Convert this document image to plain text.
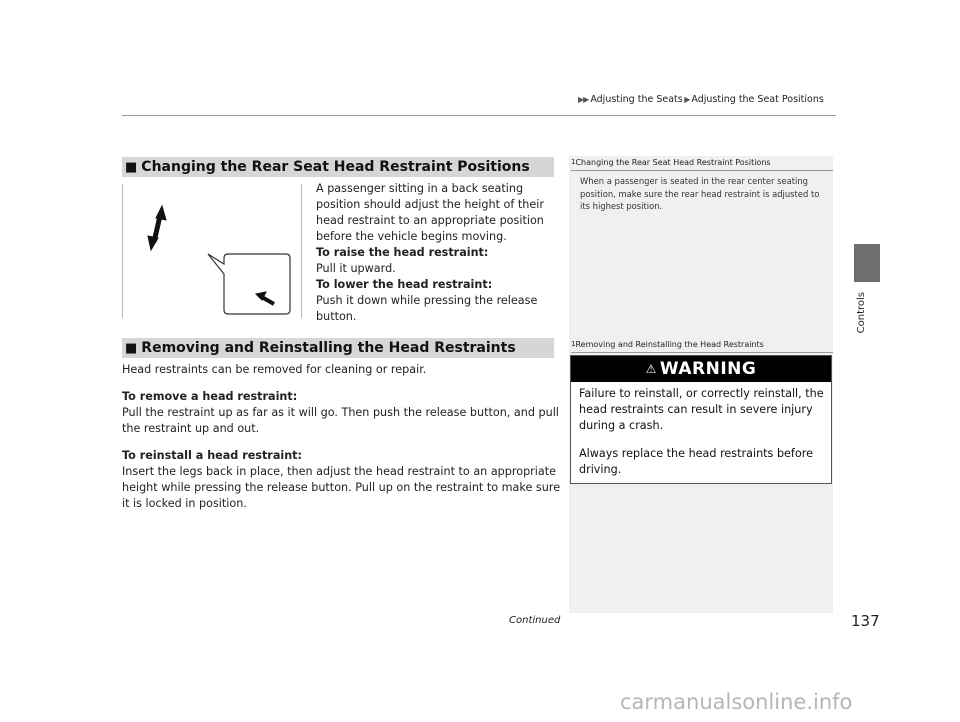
▶▶ Adjusting the Seats ▶ Adjusting the Seat Positions
Controls
■ Changing the Rear Seat Head Restraint Positions
A passenger sitting in a back seating position should adjust the height of their head restraint to an appropriate position before the vehicle begins moving.
To raise the head restraint:
Pull it upward.
To lower the head restraint:
Push it down while pressing the release button.
■ Removing and Reinstalling the Head Restraints
Head restraints can be removed for cleaning or repair.
To remove a head restraint:
Pull the restraint up as far as it will go. Then push the release button, and pull the restraint up and out.
To reinstall a head restraint:
Insert the legs back in place, then adjust the head restraint to an appropriate height while pressing the release button. Pull up on the restraint to make sure it is locked in position.
1Changing the Rear Seat Head Restraint Positions
When a passenger is seated in the rear center seating position, make sure the rear head restraint is adjusted to its highest position.
1Removing and Reinstalling the Head Restraints
⚠ WARNING

Failure to reinstall, or correctly reinstall, the head restraints can result in severe injury during a crash.

Always replace the head restraints before driving.

Continued	137
carmanualsonline.info
